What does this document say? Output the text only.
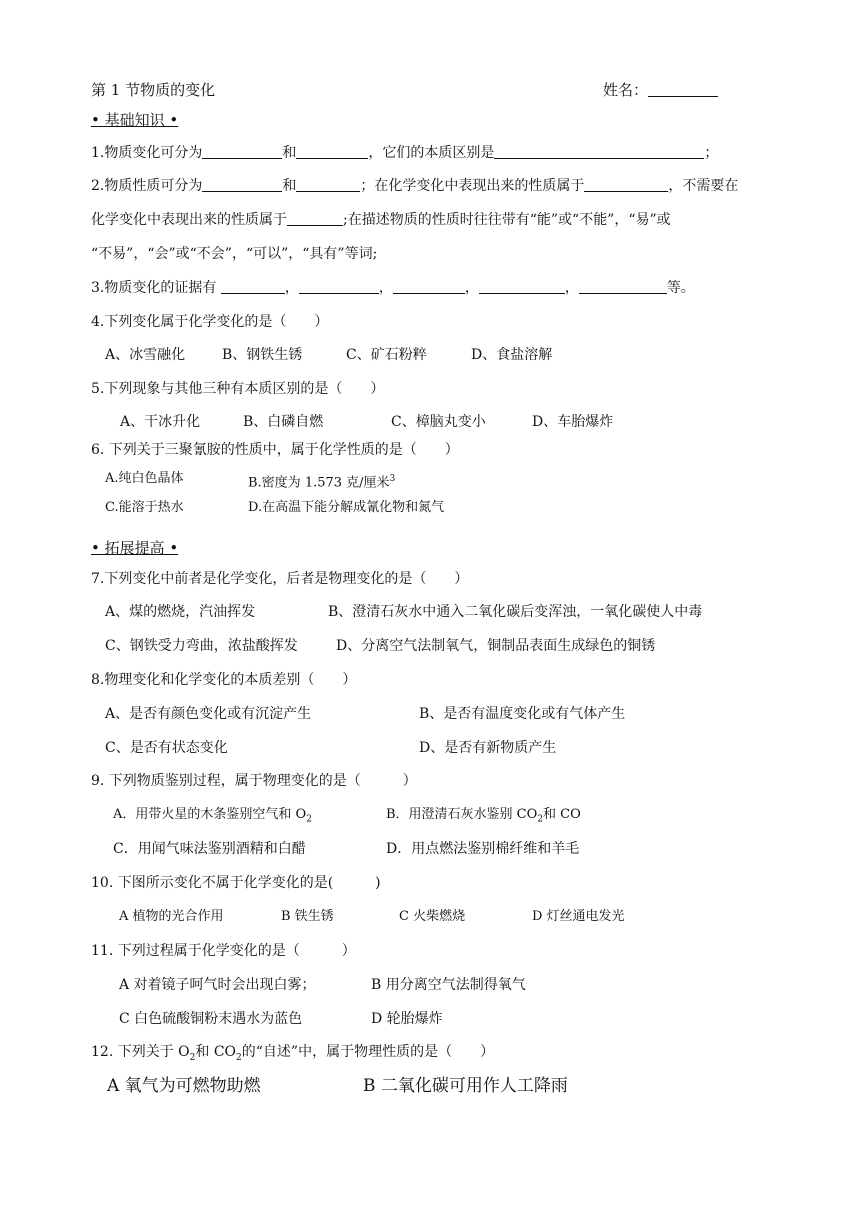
第 1 节物质的变化	姓名：
• 基础知识 •
1.物质变化可分为	和	，它们的本质区别是	；
2.物质性质可分为	和	；在化学变化中表现出来的性质属于	，不需要在
化学变化中表现出来的性质属于	;在描述物质的性质时往往带有“能”或“不能”，“易”或
“不易”，“会”或“不会”，“可以”，“具有”等词;
3.物质变化的证据有	，	，	，	，	等。
4.下列变化属于化学变化的是（　　）
A、冰雪融化	B、钢铁生锈	C、矿石粉粹	D、食盐溶解
5.下列现象与其他三种有本质区别的是（　　）
A、干冰升化	B、白磷自燃	C、樟脑丸变小	D、车胎爆炸
6. 下列关于三聚氰胺的性质中，属于化学性质的是（　　）
A.纯白色晶体	B.密度为 1.573 克/厘米$^3$
C.能溶于热水	D.在高温下能分解成氰化物和氮气
• 拓展提高 •
7.下列变化中前者是化学变化，后者是物理变化的是（　　）
A、煤的燃烧，汽油挥发	B、澄清石灰水中通入二氧化碳后变浑浊，一氧化碳使人中毒
C、钢铁受力弯曲，浓盐酸挥发	D、分离空气法制氧气，铜制品表面生成绿色的铜锈
8.物理变化和化学变化的本质差别（　　）
A、是否有颜色变化或有沉淀产生	B、是否有温度变化或有气体产生
C、是否有状态变化	D、是否有新物质产生
9. 下列物质鉴别过程，属于物理变化的是（　　　）
A．用带火星的木条鉴别空气和 $O_2$	B．用澄清石灰水鉴别 $CO_2$和 CO
C．用闻气味法鉴别酒精和白醋	D．用点燃法鉴别棉纤维和羊毛
10. 下图所示变化不属于化学变化的是(　　　)
A 植物的光合作用	B 铁生锈	C 火柴燃烧	D 灯丝通电发光
11. 下列过程属于化学变化的是（　　　）
A 对着镜子呵气时会出现白雾；	B 用分离空气法制得氧气
C 白色硫酸铜粉末遇水为蓝色	D 轮胎爆炸
12. 下列关于 $O_2$和 $CO_2$的“自述”中，属于物理性质的是（　　）
A 氧气为可燃物助燃	B 二氧化碳可用作人工降雨
